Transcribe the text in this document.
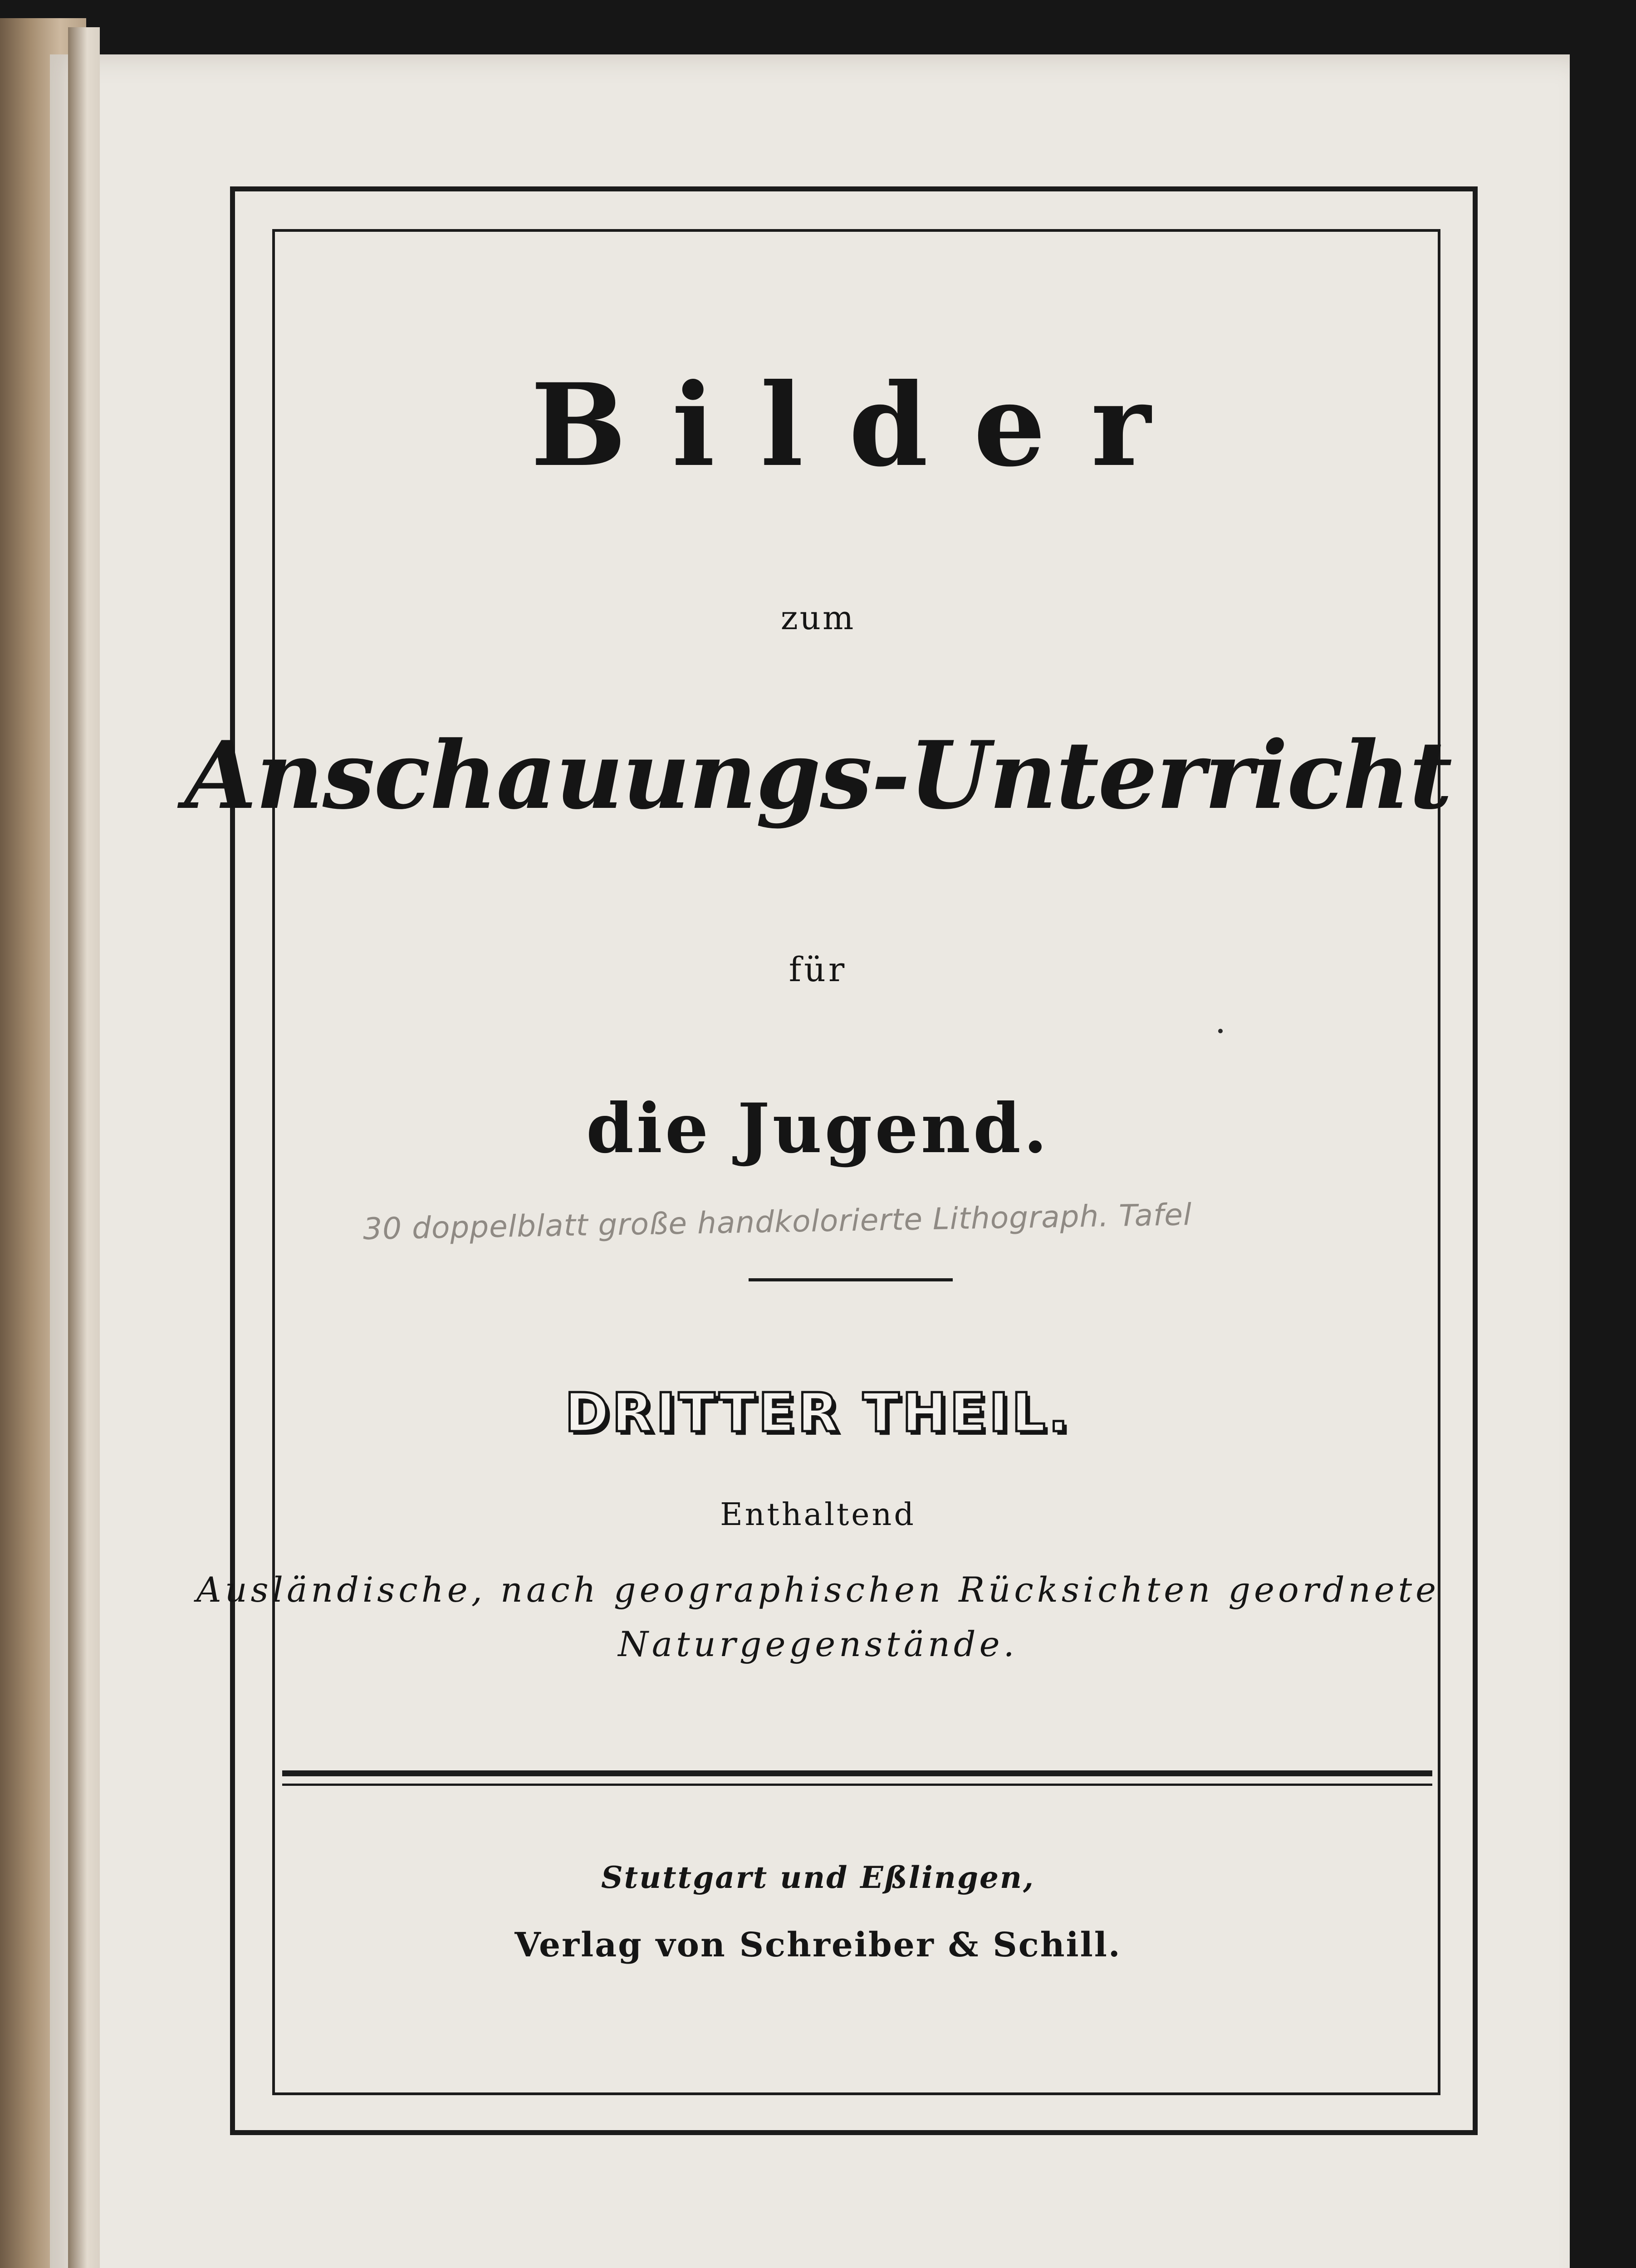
Bilder
zum
Anschauungs-Unterricht
für
die Jugend.
30 doppelblatt große handkolorierte Lithograph. Tafel
DRITTER THEIL.
Enthaltend
Ausländische, nach geographischen Rücksichten geordnete
Naturgegenstände.
Stuttgart und Eßlingen,
Verlag von Schreiber & Schill.
